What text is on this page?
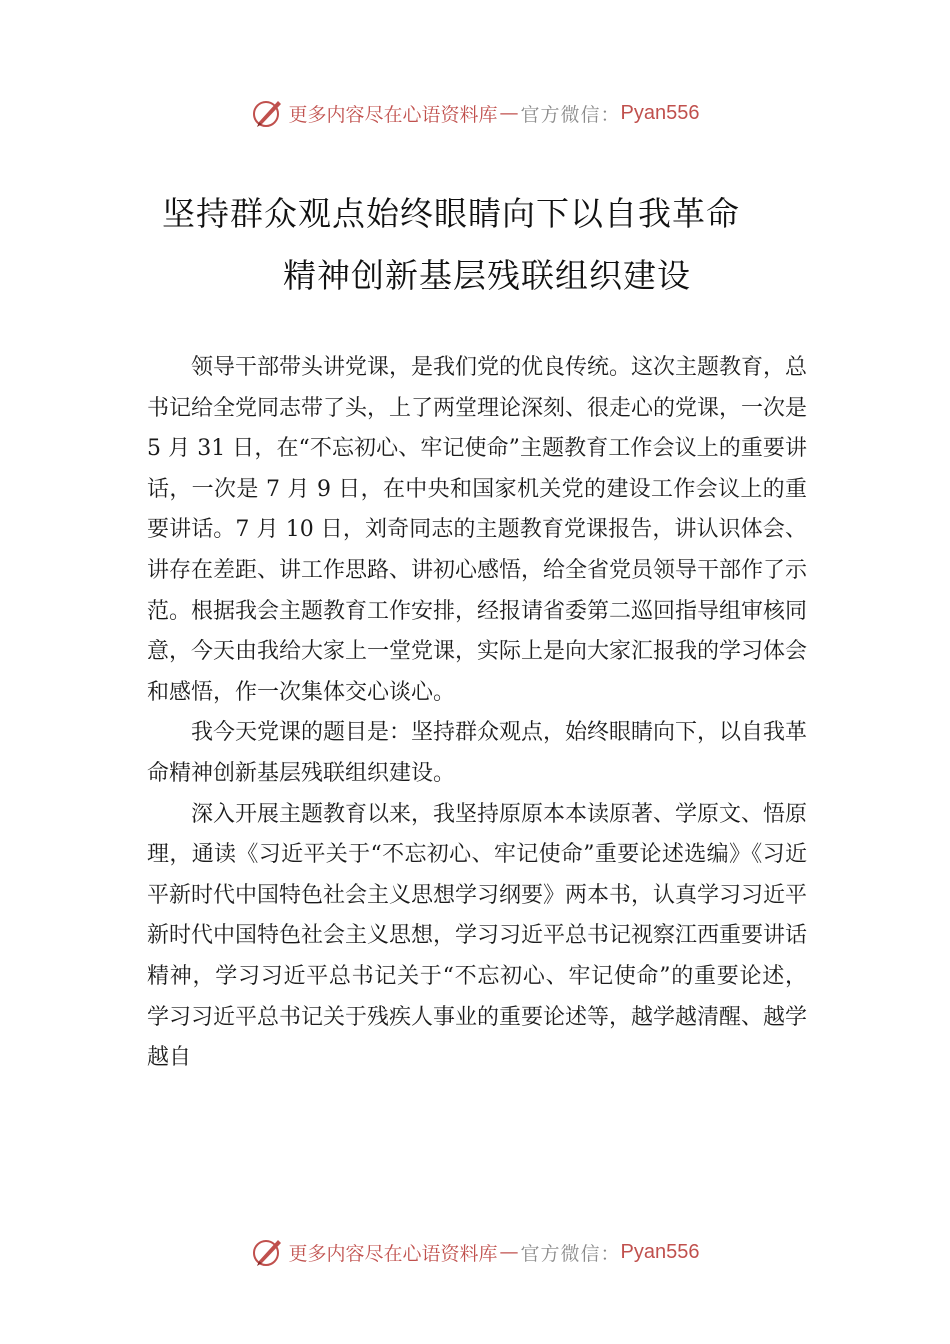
更多内容尽在心语资料库 — 官方微信： Pyan556
坚持群众观点始终眼睛向下以自我革命
精神创新基层残联组织建设

领导干部带头讲党课，是我们党的优良传统。这次主题教育，总书记给全党同志带了头，上了两堂理论深刻、很走心的党课，一次是 5 月 31 日，在“不忘初心、牢记使命”主题教育工作会议上的重要讲话，一次是 7 月 9 日，在中央和国家机关党的建设工作会议上的重要讲话。7 月 10 日，刘奇同志的主题教育党课报告，讲认识体会、讲存在差距、讲工作思路、讲初心感悟，给全省党员领导干部作了示范。根据我会主题教育工作安排，经报请省委第二巡回指导组审核同意，今天由我给大家上一堂党课，实际上是向大家汇报我的学习体会和感悟，作一次集体交心谈心。

我今天党课的题目是：坚持群众观点，始终眼睛向下，以自我革命精神创新基层残联组织建设。

深入开展主题教育以来，我坚持原原本本读原著、学原文、悟原理，通读《习近平关于“不忘初心、牢记使命”重要论述选编》《习近平新时代中国特色社会主义思想学习纲要》两本书，认真学习习近平新时代中国特色社会主义思想，学习习近平总书记视察江西重要讲话精神，学习习近平总书记关于“不忘初心、牢记使命”的重要论述，学习习近平总书记关于残疾人事业的重要论述等，越学越清醒、越学越自

更多内容尽在心语资料库 — 官方微信： Pyan556
